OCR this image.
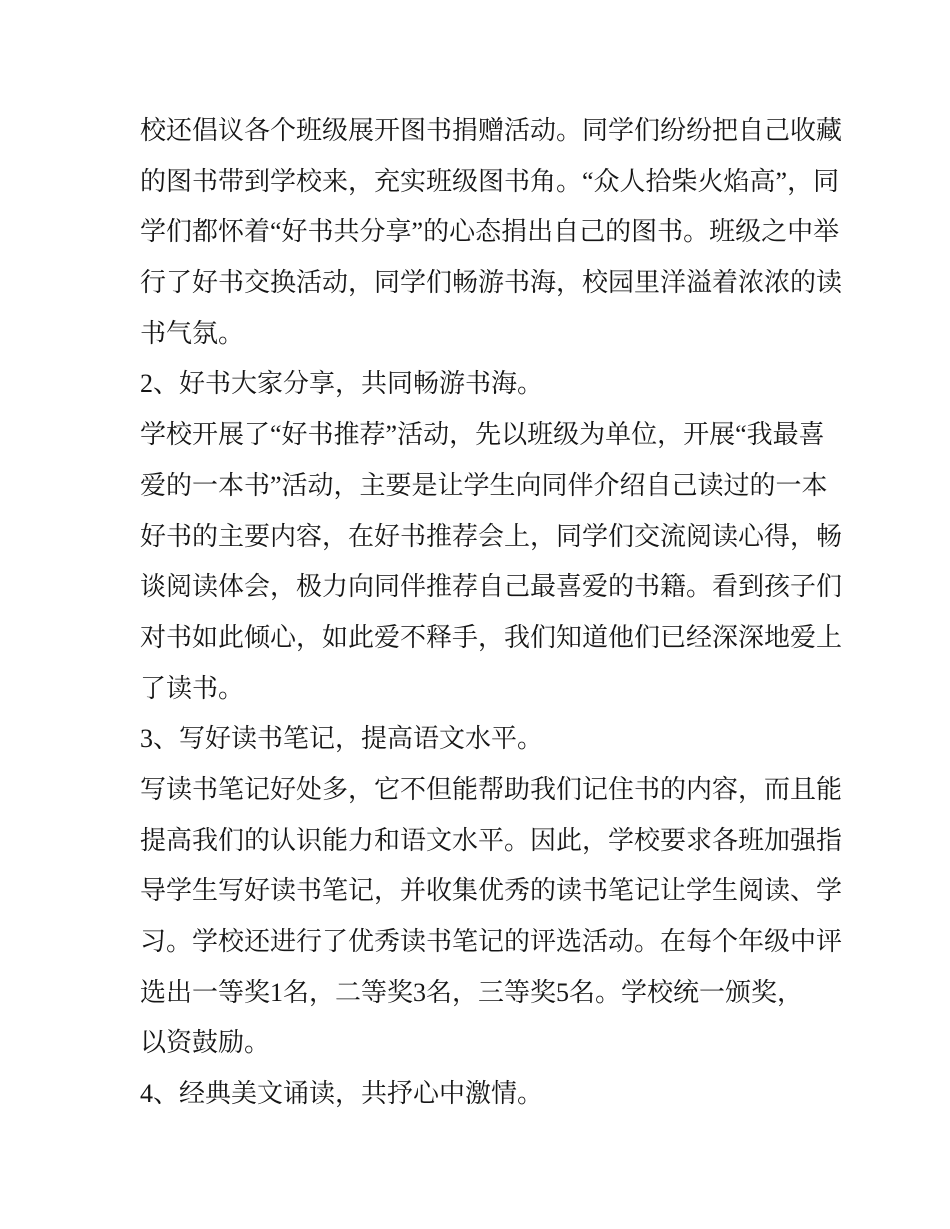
校还倡议各个班级展开图书捐赠活动。同学们纷纷把自己收藏
的图书带到学校来，充实班级图书角。“众人拾柴火焰高”，同
学们都怀着“好书共分享”的心态捐出自己的图书。班级之中举
行了好书交换活动，同学们畅游书海，校园里洋溢着浓浓的读
书气氛。
2、好书大家分享，共同畅游书海。
学校开展了“好书推荐”活动，先以班级为单位，开展“我最喜
爱的一本书”活动，主要是让学生向同伴介绍自己读过的一本
好书的主要内容，在好书推荐会上，同学们交流阅读心得，畅
谈阅读体会，极力向同伴推荐自己最喜爱的书籍。看到孩子们
对书如此倾心，如此爱不释手，我们知道他们已经深深地爱上
了读书。
3、写好读书笔记，提高语文水平。
写读书笔记好处多，它不但能帮助我们记住书的内容，而且能
提高我们的认识能力和语文水平。因此，学校要求各班加强指
导学生写好读书笔记，并收集优秀的读书笔记让学生阅读、学
习。学校还进行了优秀读书笔记的评选活动。在每个年级中评
选出一等奖1名，二等奖3名，三等奖5名。学校统一颁奖，
以资鼓励。
4、经典美文诵读，共抒心中激情。
